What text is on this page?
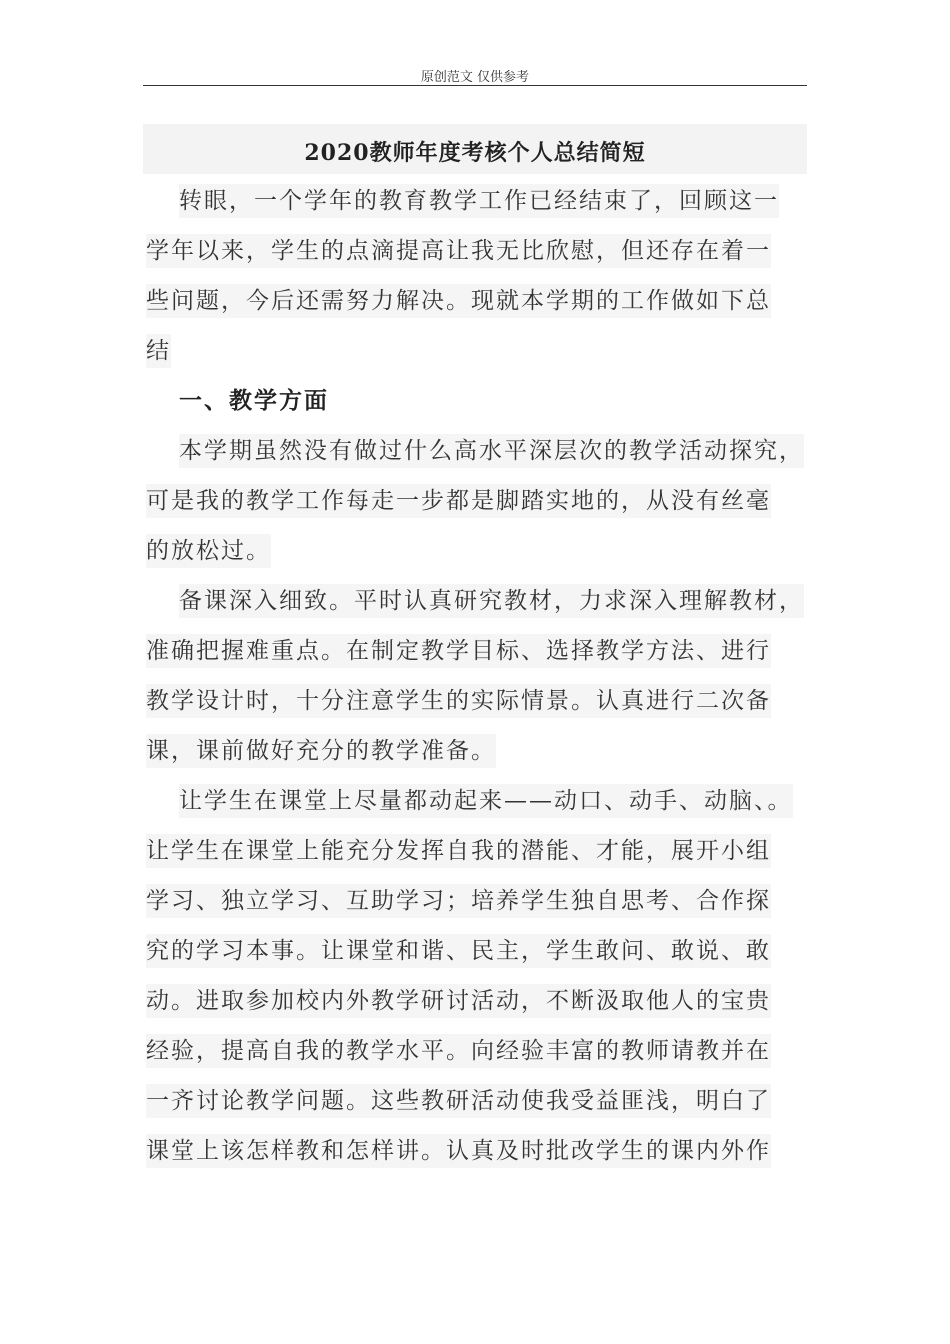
原创范文 仅供参考
2020教师年度考核个人总结简短
转眼，一个学年的教育教学工作已经结束了，回顾这一
学年以来，学生的点滴提高让我无比欣慰，但还存在着一
些问题，今后还需努力解决。现就本学期的工作做如下总
结
一、教学方面
本学期虽然没有做过什么高水平深层次的教学活动探究，
可是我的教学工作每走一步都是脚踏实地的，从没有丝毫
的放松过。
备课深入细致。平时认真研究教材，力求深入理解教材，
准确把握难重点。在制定教学目标、选择教学方法、进行
教学设计时，十分注意学生的实际情景。认真进行二次备
课，课前做好充分的教学准备。
让学生在课堂上尽量都动起来——动口、动手、动脑、。
让学生在课堂上能充分发挥自我的潜能、才能，展开小组
学习、独立学习、互助学习；培养学生独自思考、合作探
究的学习本事。让课堂和谐、民主，学生敢问、敢说、敢
动。进取参加校内外教学研讨活动，不断汲取他人的宝贵
经验，提高自我的教学水平。向经验丰富的教师请教并在
一齐讨论教学问题。这些教研活动使我受益匪浅，明白了
课堂上该怎样教和怎样讲。认真及时批改学生的课内外作
